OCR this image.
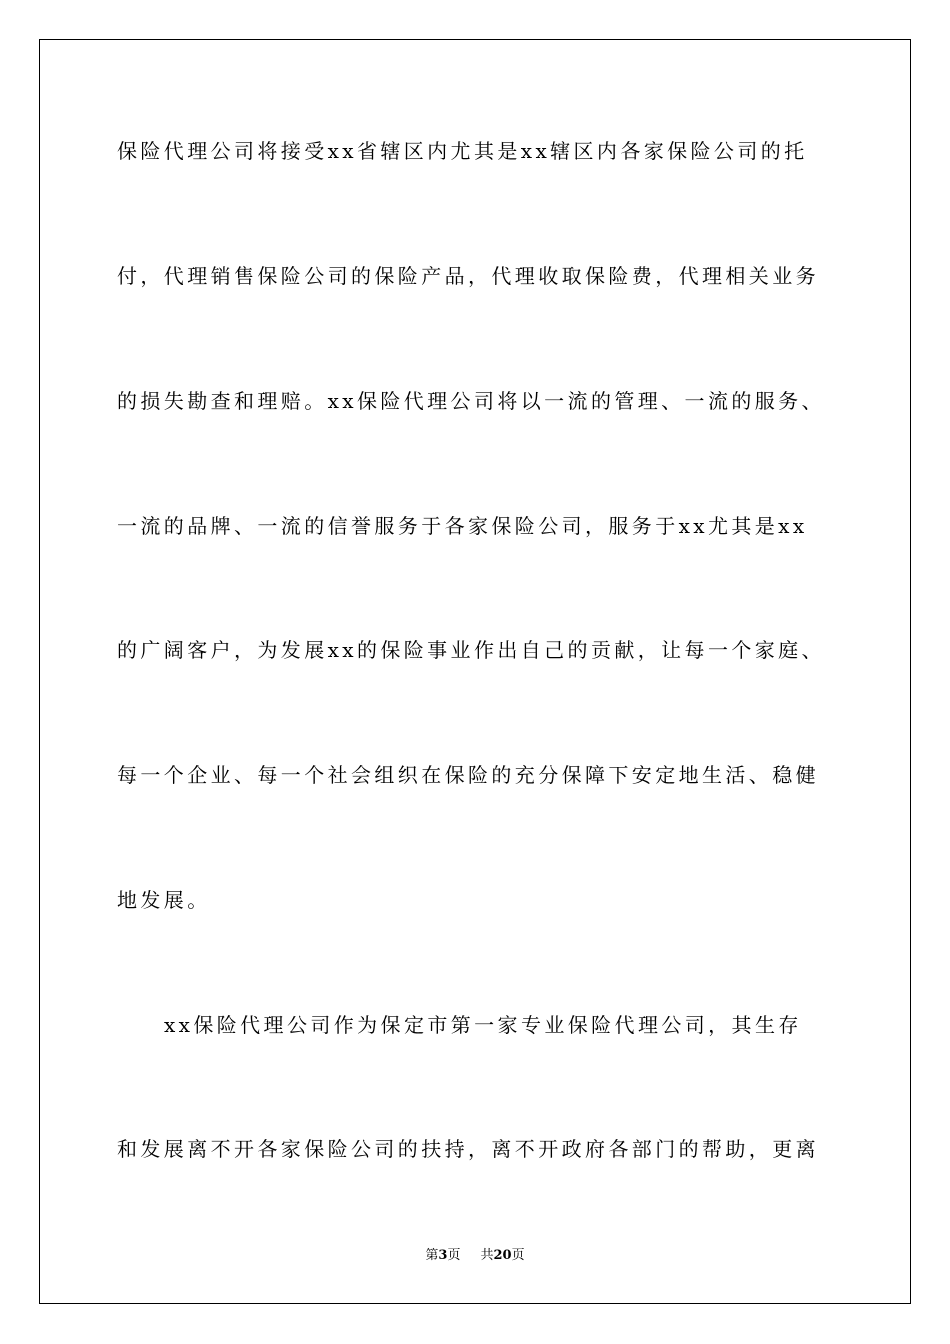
保险代理公司将接受xx省辖区内尤其是xx辖区内各家保险公司的托
付，代理销售保险公司的保险产品，代理收取保险费，代理相关业务
的损失勘查和理赔。xx保险代理公司将以一流的管理、一流的服务、
一流的品牌、一流的信誉服务于各家保险公司，服务于xx尤其是xx
的广阔客户，为发展xx的保险事业作出自己的贡献，让每一个家庭、
每一个企业、每一个社会组织在保险的充分保障下安定地生活、稳健
地发展。
xx保险代理公司作为保定市第一家专业保险代理公司，其生存
和发展离不开各家保险公司的扶持，离不开政府各部门的帮助，更离
第3页 共20页
